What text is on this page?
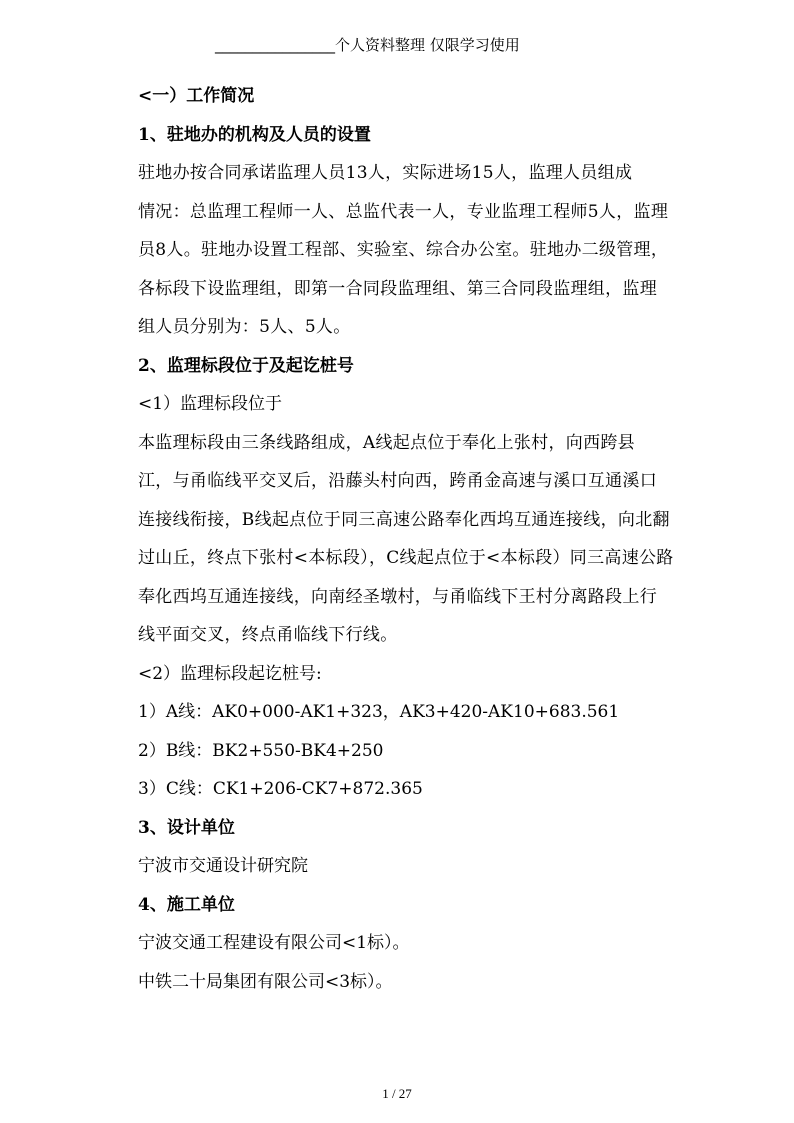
________________个人资料整理 仅限学习使用
<一）工作简况
1、驻地办的机构及人员的设置
驻地办按合同承诺监理人员13人，实际进场15人，监理人员组成
情况：总监理工程师一人、总监代表一人，专业监理工程师5人，监理
员8人。驻地办设置工程部、实验室、综合办公室。驻地办二级管理，
各标段下设监理组，即第一合同段监理组、第三合同段监理组，监理
组人员分别为：5人、5人。
2、监理标段位于及起讫桩号
<1）监理标段位于
本监理标段由三条线路组成，A线起点位于奉化上张村，向西跨县
江，与甬临线平交叉后，沿藤头村向西，跨甬金高速与溪口互通溪口
连接线衔接，B线起点位于同三高速公路奉化西坞互通连接线，向北翻
过山丘，终点下张村<本标段），C线起点位于<本标段）同三高速公路
奉化西坞互通连接线，向南经圣墩村，与甬临线下王村分离路段上行
线平面交叉，终点甬临线下行线。
<2）监理标段起讫桩号:
1）A线：AK0+000-AK1+323，AK3+420-AK10+683.561
2）B线：BK2+550-BK4+250
3）C线：CK1+206-CK7+872.365
3、设计单位
宁波市交通设计研究院
4、施工单位
宁波交通工程建设有限公司<1标）。
中铁二十局集团有限公司<3标）。
1 / 27
